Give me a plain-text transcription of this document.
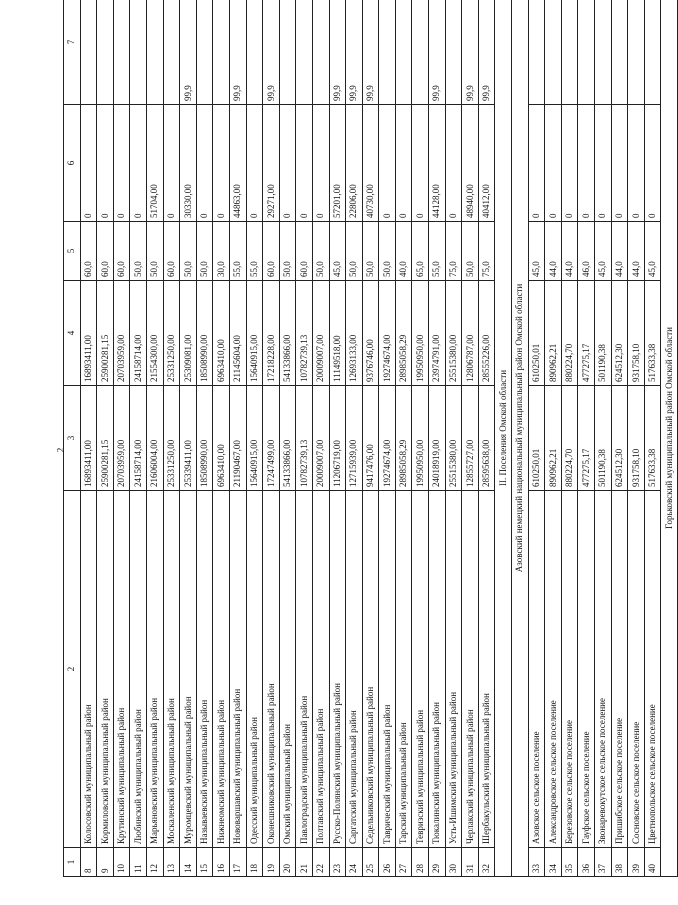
2
1	2	3	4	5	6	7
8	Колосовский муниципальный район	16893411,00	16893411,00	60,0	0	
9	Кормиловский муниципальный район	25900281,15	25900281,15	60,0	0	
10	Крутинский муниципальный район	20703959,00	20703959,00	60,0	0	
11	Любинский муниципальный район	24158714,00	24158714,00	50,0	0	
12	Марьяновский муниципальный район	21606004,00	21554300,00	50,0	51704,00	
13	Москаленский муниципальный район	25331250,00	25331250,00	60,0	0	
14	Муромцевский муниципальный район	25339411,00	25309081,00	50,0	30330,00	99,9
15	Называевский муниципальный район	18508990,00	18508990,00	50,0	0	
16	Нижнеомский муниципальный район	6963410,00	6963410,00	30,0	0	
17	Нововаршавский муниципальный район	21190467,00	21145604,00	55,0	44863,00	99,9
18	Одесский муниципальный район	15640915,00	15640915,00	55,0	0	
19	Оконешниковский муниципальный район	17247499,00	17218228,00	60,0	29271,00	99,9
20	Омский муниципальный район	54133866,00	54133866,00	50,0	0	
21	Павлоградский муниципальный район	10782739,13	10782739,13	60,0	0	
22	Полтавский муниципальный район	20009007,00	20009007,00	50,0	0	
23	Русско-Полянский муниципальный район	11206719,00	11149518,00	45,0	57201,00	99,9
24	Саргатский муниципальный район	12715939,00	12693133,00	50,0	22806,00	99,9
25	Седельниковский муниципальный район	9417476,00	9376746,00	50,0	40730,00	99,9
26	Таврический муниципальный район	19274674,00	19274674,00	50,0	0	
27	Тарский муниципальный район	28985058,29	28985058,29	40,0	0	
28	Тевризский муниципальный район	19950950,00	19950950,00	65,0	0	
29	Тюкалинский муниципальный район	24018919,00	23974791,00	55,0	44128,00	99,9
30	Усть-Ишимский муниципальный район	25515380,00	25515380,00	75,0	0	
31	Черлакский муниципальный район	12855727,00	12806787,00	50,0	48940,00	99,9
32	Шербакульский муниципальный район	28595638,00	28555226,00	75,0	40412,00	99,9
II. Поселения Омской области						
Азовский немецкий национальный муниципальный район Омской области						
33	Азовское сельское поселение	610250,01	610250,01	45,0	0	
34	Александровское сельское поселение	890962,21	890962,21	44,0	0	
35	Березовское сельское поселение	880224,70	880224,70	44,0	0	
36	Гауфское сельское поселение	477275,17	477275,17	46,0	0	
37	Звонаревокутское сельское поселение	501190,38	501190,38	45,0	0	
38	Пришибское сельское поселение	624512,30	624512,30	44,0	0	
39	Сосновское сельское поселение	931758,10	931758,10	44,0	0	
40	Цветнопольское сельское поселение	517633,38	517633,38	45,0	0	
Горьковский муниципальный район Омской области						
